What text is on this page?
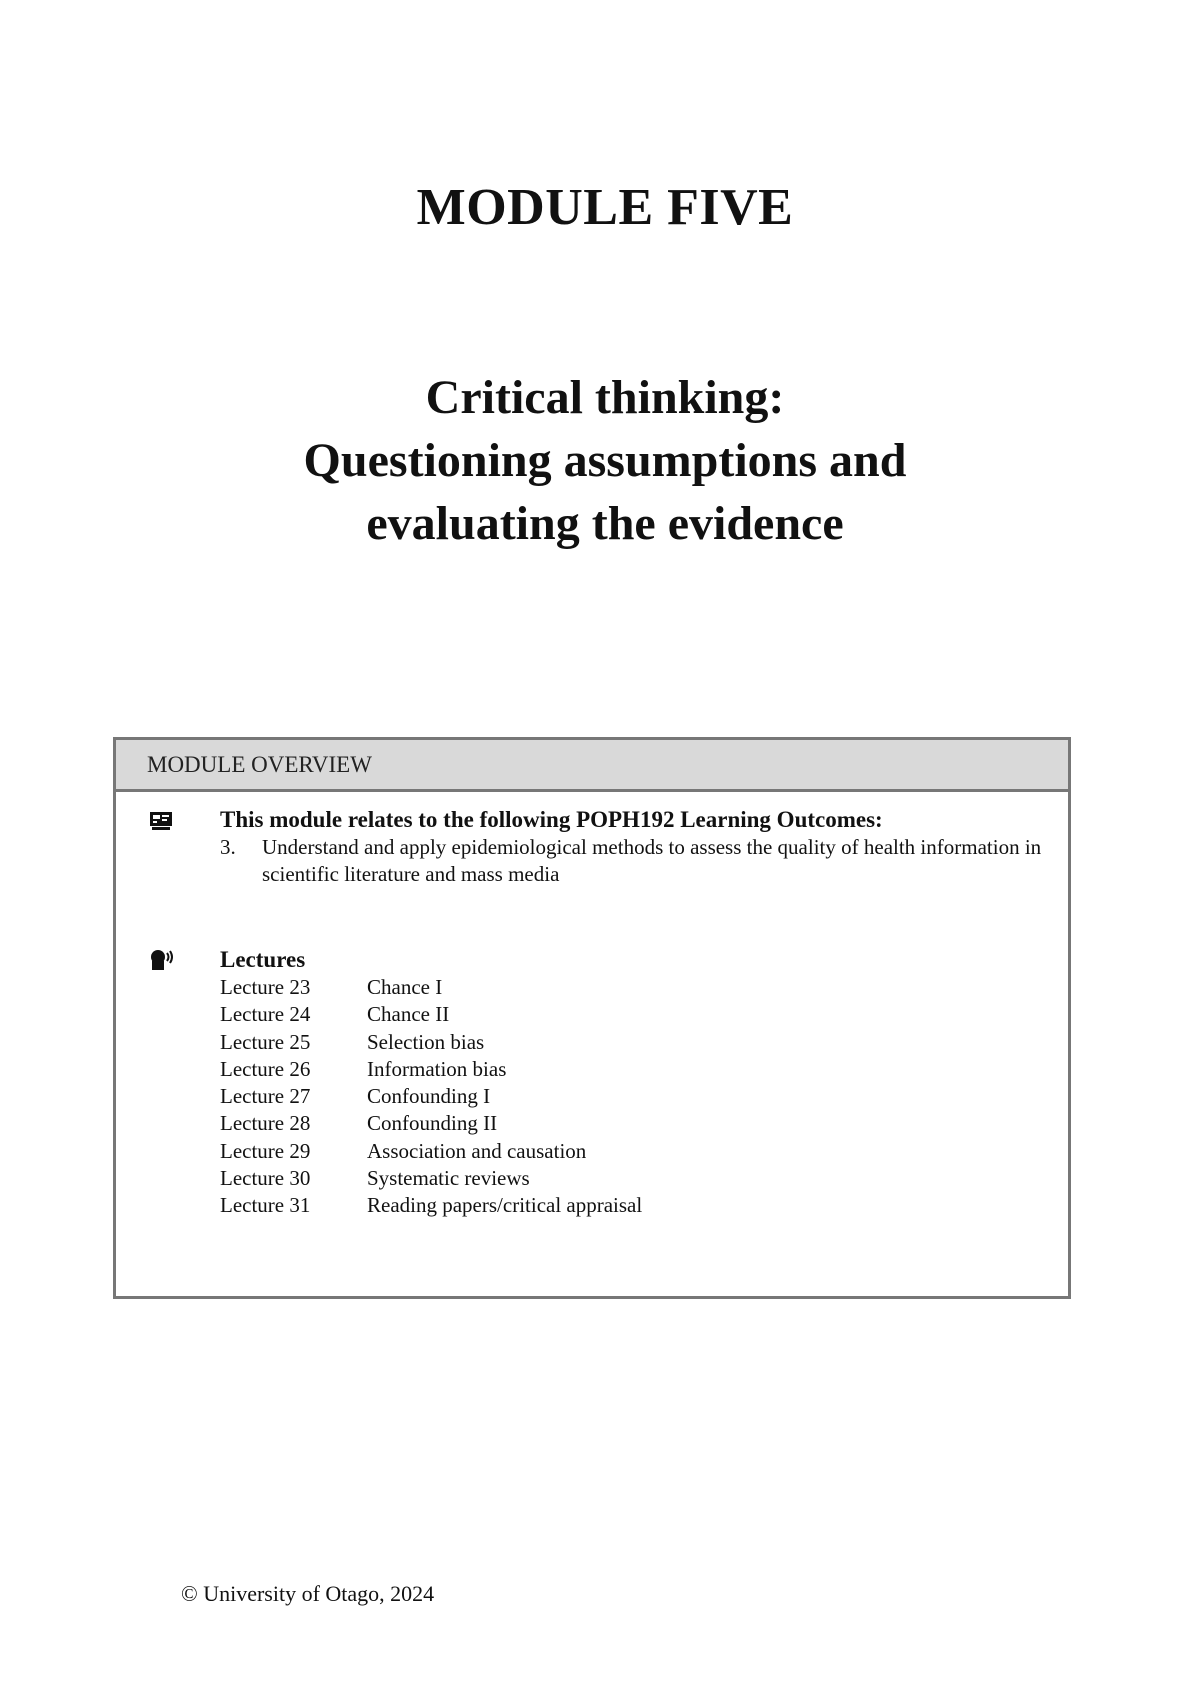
MODULE FIVE
Critical thinking:
Questioning assumptions and
evaluating the evidence
MODULE OVERVIEW

This module relates to the following POPH192 Learning Outcomes:

3. Understand and apply epidemiological methods to assess the quality of health information in scientific literature and mass media

Lectures

Lecture 23	Chance I
Lecture 24	Chance II
Lecture 25	Selection bias
Lecture 26	Information bias
Lecture 27	Confounding I
Lecture 28	Confounding II
Lecture 29	Association and causation
Lecture 30	Systematic reviews
Lecture 31	Reading papers/critical appraisal

© University of Otago, 2024
